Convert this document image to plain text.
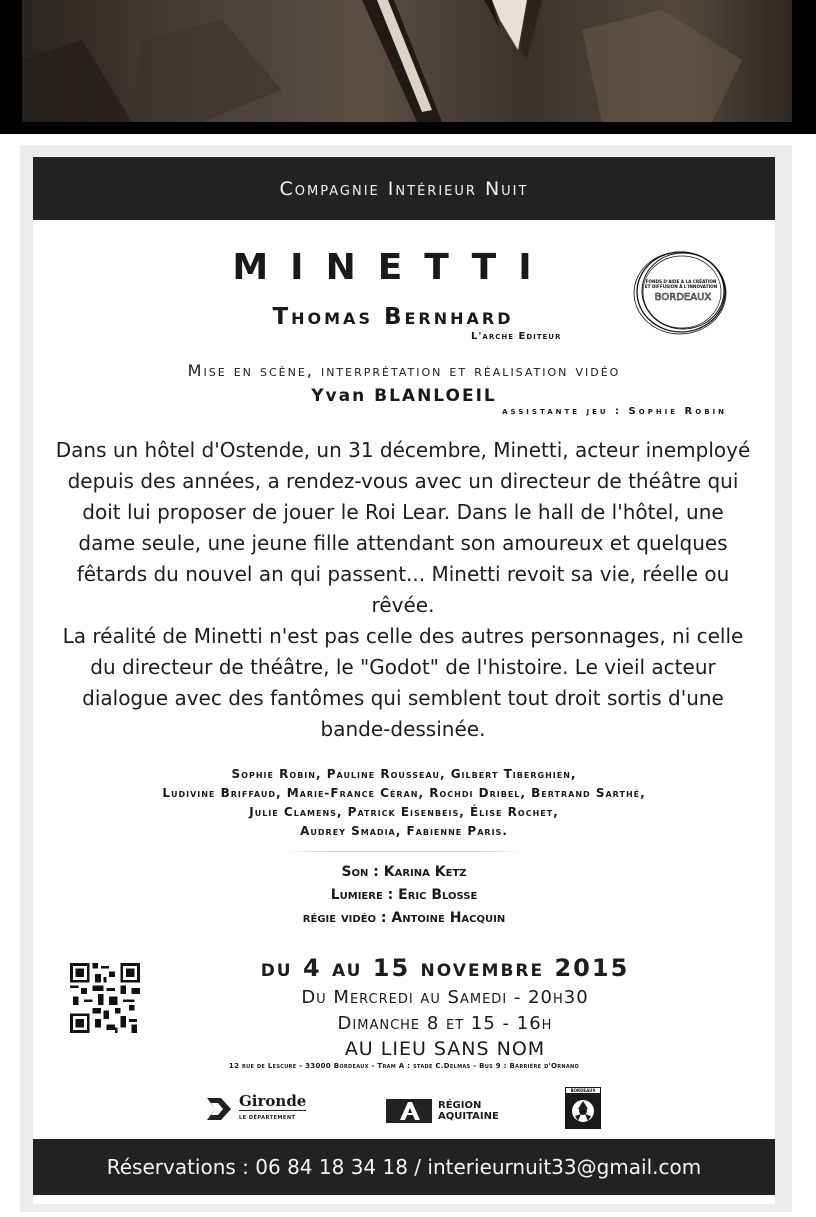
Compagnie Intérieur Nuit
MINETTI
Thomas Bernhard
L'arche Editeur
FONDS D'AIDE A LA CRÉATION
ET DIFFUSION À L'INNOVATION
BORDEAUX
Mise en scène, interprétation et réalisation vidéo
Yvan BLANLOEIL
assistante jeu : Sophie Robin

Dans un hôtel d'Ostende, un 31 décembre, Minetti, acteur inemployé depuis des années, a rendez-vous avec un directeur de théâtre qui doit lui proposer de jouer le Roi Lear. Dans le hall de l'hôtel, une dame seule, une jeune fille attendant son amoureux et quelques fêtards du nouvel an qui passent... Minetti revoit sa vie, réelle ou rêvée.

La réalité de Minetti n'est pas celle des autres personnages, ni celle du directeur de théâtre, le "Godot" de l'histoire. Le vieil acteur dialogue avec des fantômes qui semblent tout droit sortis d'une bande-dessinée.

Sophie Robin, Pauline Rousseau, Gilbert Tiberghien,
Ludivine Briffaud, Marie-France Céran, Rochdi Dribel, Bertrand Sarthé,
Julie Clamens, Patrick Eisenbeis, Élise Rochet,
Audrey Smadia, Fabienne Paris.
Son : Karina Ketz
Lumiere : Eric Blosse
régie vidéo : Antoine Hacquin
du 4 au 15 novembre 2015
Du Mercredi au Samedi - 20h30
Dimanche 8 et 15 - 16h
AU LIEU SANS NOM
12 rue de Lescure - 33000 Bordeaux - Tram A : stade C.Delmas - Bus 9 : Barrière d'Ornano
Gironde
LE DÉPARTEMENT
RÉGION
AQUITAINE
BORDEAUX
Réservations : 06 84 18 34 18 / interieurnuit33@gmail.com
